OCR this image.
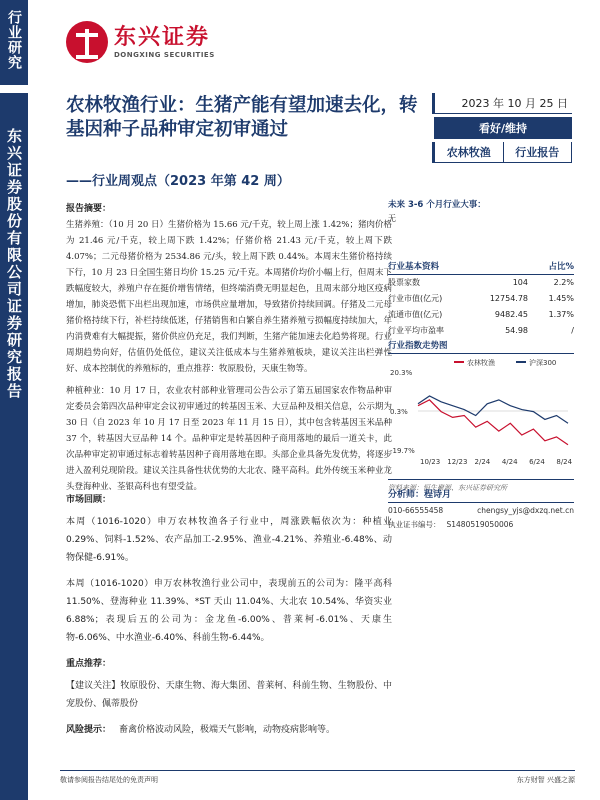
行业研究
东兴证券股份有限公司证券研究报告
东兴证券
DONGXING SECURITIES
农林牧渔行业：生猪产能有望加速去化，转基因种子品种审定初审通过
——行业周观点（2023 年第 42 周）
2023 年 10 月 25 日
看好/维持
农林牧渔	行业报告
报告摘要：
生猪养殖：（10 月 20 日）生猪价格为 15.66 元/千克，较上周上涨 1.42%；猪肉价格为 21.46 元/千克，较上周下跌 1.42%；仔猪价格 21.43 元/千克，较上周下跌 4.07%；二元母猪价格为 2534.86 元/头，较上周下跌 0.44%。本周末生猪价格持续下行，10 月 23 日全国生猪日均价 15.25 元/千克。本周猪价均价小幅上行，但周末下跌幅度较大，养殖户存在挺价增售情绪，但终端消费无明显起色，且周末部分地区疫病增加，肺炎恐慌下出栏出现加速，市场供应量增加，导致猪价持续回调。仔猪及二元母猪价格持续下行，补栏持续低迷，仔猪销售和白繁自养生猪养殖亏损幅度持续加大，年内消费难有大幅提振，猪价供应仍充足，我们判断，生猪产能加速去化趋势将现。行业周期趋势向好，估值仍处低位，建议关注低成本与生猪养殖板块，建议关注出栏弹性好、成本控制优的养殖标的，重点推荐：牧原股份，天康生物等。
种植种业：10 月 17 日，农业农村部种业管理司公告公示了第五届国家农作物品种审定委员会第四次品种审定会议初审通过的转基因玉米、大豆品种及相关信息，公示期为 30 日（自 2023 年 10 月 17 日至 2023 年 11 月 15 日），其中包含转基因玉米品种 37 个，转基因大豆品种 14 个。品种审定是转基因种子商用落地的最后一道关卡，此次品种审定初审通过标志着转基因种子商用落地在即。头部企业具备先发优势，将逐步进入盈利兑现阶段。建议关注具备性状优势的大北农、隆平高科。此外传统玉米种业龙头登海种业、荃银高科也有望受益。
市场回顾：
本周（1016-1020）申万农林牧渔各子行业中，周涨跌幅依次为：种植业 0.29%、饲料-1.52%、农产品加工-2.95%、渔业-4.21%、养殖业-6.48%、动物保健-6.91%。
本周（1016-1020）申万农林牧渔行业公司中，表现前五的公司为：隆平高科 11.50%、登海种业 11.39%、*ST 天山 11.04%、大北农 10.54%、华资实业 6.88%；表现后五的公司为：金龙鱼-6.00%、普莱柯-6.01%、天康生物-6.06%、中水渔业-6.40%、科前生物-6.44%。
重点推荐：
【建议关注】牧原股份、天康生物、海大集团、普莱柯、科前生物、生物股份、中宠股份、佩蒂股份
风险提示： 畜禽价格波动风险，极端天气影响，动物疫病影响等。
未来 3-6 个月行业大事：
无
行业基本资料	占比%
股票家数	104	2.2%
行业市值(亿元)	12754.78	1.45%
流通市值(亿元)	9482.45	1.37%
行业平均市盈率	54.98	/
行业指数走势图
20.3%
0.3%
-19.7%
10/23 12/23 2/24 4/24 6/24 8/24
农林牧渔	沪深300
资料来源：恒生聚源、东兴证券研究所
分析师：程诗月
010-66555458	chengsy_yjs@dxzq.net.cn
执业证书编号： S1480519050006
敬请参阅报告结尾处的免责声明	东方财智 兴盛之源
